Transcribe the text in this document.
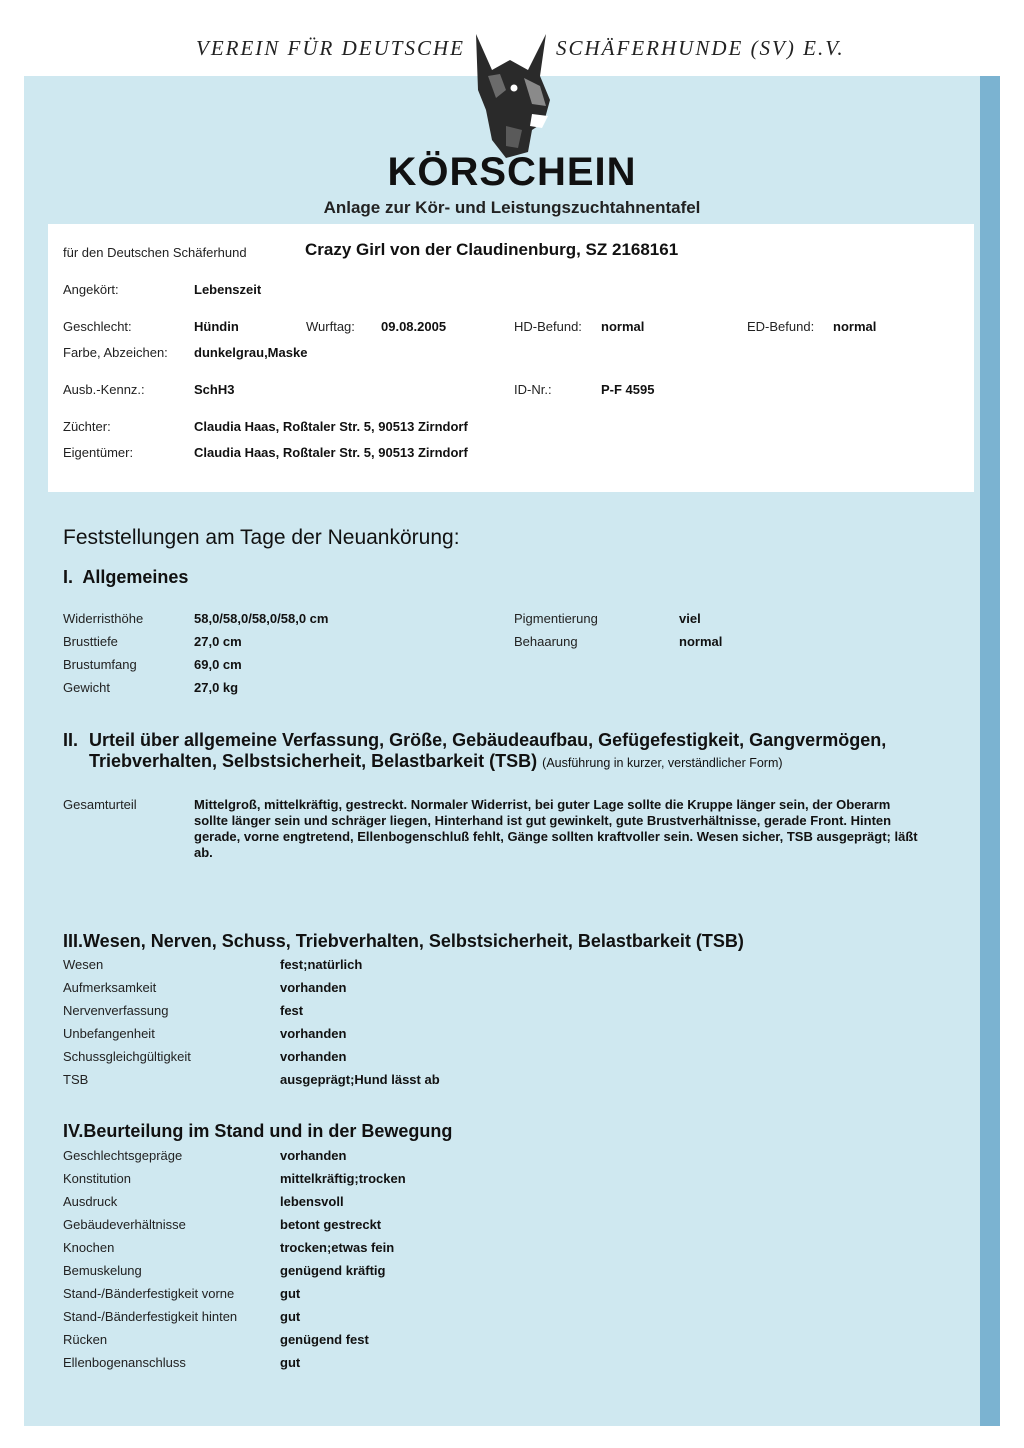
VEREIN FÜR DEUTSCHE	SCHÄFERHUNDE (SV) E.V.
KÖRSCHEIN
Anlage zur Kör- und Leistungszuchtahnentafel
für den Deutschen Schäferhund	Crazy Girl von der Claudinenburg, SZ 2168161
Angekört:	Lebenszeit
Geschlecht:	Hündin	Wurftag: 09.08.2005	HD-Befund: normal	ED-Befund: normal
Farbe, Abzeichen: dunkelgrau,Maske
Ausb.-Kennz.:	SchH3	ID-Nr.:	P-F 4595
Züchter:	Claudia Haas, Roßtaler Str. 5, 90513 Zirndorf
Eigentümer:	Claudia Haas, Roßtaler Str. 5, 90513 Zirndorf
Feststellungen am Tage der Neuankörung:
I. Allgemeines
Widerristhöhe	58,0/58,0/58,0/58,0 cm
Brusttiefe	27,0 cm
Brustumfang	69,0 cm
Gewicht	27,0 kg
Pigmentierung	viel
Behaarung	normal
II. Urteil über allgemeine Verfassung, Größe, Gebäudeaufbau, Gefügefestigkeit, Gangvermögen,
Triebverhalten, Selbstsicherheit, Belastbarkeit (TSB) (Ausführung in kurzer, verständlicher Form)
Gesamturteil	Mittelgroß, mittelkräftig, gestreckt. Normaler Widerrist, bei guter Lage sollte die Kruppe länger sein, der Oberarm sollte länger sein und schräger liegen, Hinterhand ist gut gewinkelt, gute Brustverhältnisse, gerade Front. Hinten gerade, vorne engtretend, Ellenbogenschluß fehlt, Gänge sollten kraftvoller sein. Wesen sicher, TSB ausgeprägt; läßt ab.
III.Wesen, Nerven, Schuss, Triebverhalten, Selbstsicherheit, Belastbarkeit (TSB)
Wesen	fest;natürlich
Aufmerksamkeit	vorhanden
Nervenverfassung	fest
Unbefangenheit	vorhanden
Schussgleichgültigkeit	vorhanden
TSB	ausgeprägt;Hund lässt ab
IV.Beurteilung im Stand und in der Bewegung
Geschlechtsgepräge	vorhanden
Konstitution	mittelkräftig;trocken
Ausdruck	lebensvoll
Gebäudeverhältnisse	betont gestreckt
Knochen	trocken;etwas fein
Bemuskelung	genügend kräftig
Stand-/Bänderfestigkeit vorne	gut
Stand-/Bänderfestigkeit hinten	gut
Rücken	genügend fest
Ellenbogenanschluss	gut
